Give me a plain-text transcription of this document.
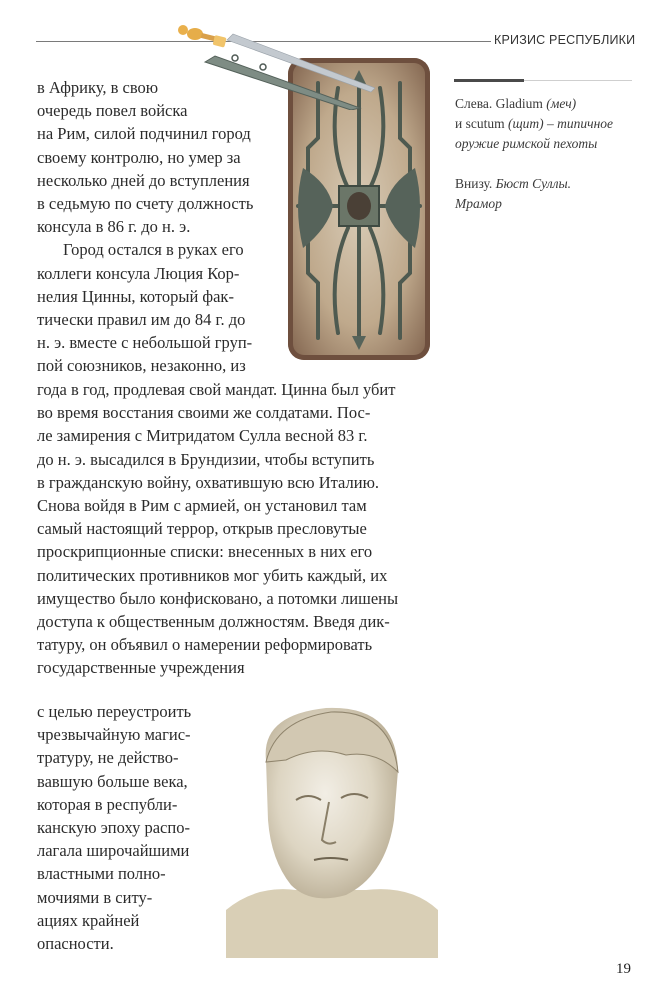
КРИЗИС РЕСПУБЛИКИ
Слева. Gladium (меч)
и scutum (щит) – типичное
оружие римской пехоты
Внизу. Бюст Суллы.
Мрамор
в Африку, в свою
очередь повел войска
на Рим, силой подчинил город
своему контролю, но умер за
несколько дней до вступления
в седьмую по счету должность
консула в 86 г. до н. э.
Город остался в руках его
коллеги консула Люция Кор-
нелия Цинны, который фак-
тически правил им до 84 г. до
н. э. вместе с небольшой груп-
пой союзников, незаконно, из
года в год, продлевая свой мандат. Цинна был убит
во время восстания своими же солдатами. Пос-
ле замирения с Митридатом Сулла весной 83 г.
до н. э. высадился в Брундизии, чтобы вступить
в гражданскую войну, охватившую всю Италию.
Снова войдя в Рим с армией, он установил там
самый настоящий террор, открыв пресловутые
проскрипционные списки: внесенных в них его
политических противников мог убить каждый, их
имущество было конфисковано, а потомки лишены
доступа к общественным должностям. Введя дик-
татуру, он объявил о намерении реформировать
государственные учреждения
с целью переустроить
чрезвычайную магис-
тратуру, не действо-
вавшую больше века,
которая в республи-
канскую эпоху распо-
лагала широчайшими
властными полно-
мочиями в ситу-
ациях крайней
опасности.
19
